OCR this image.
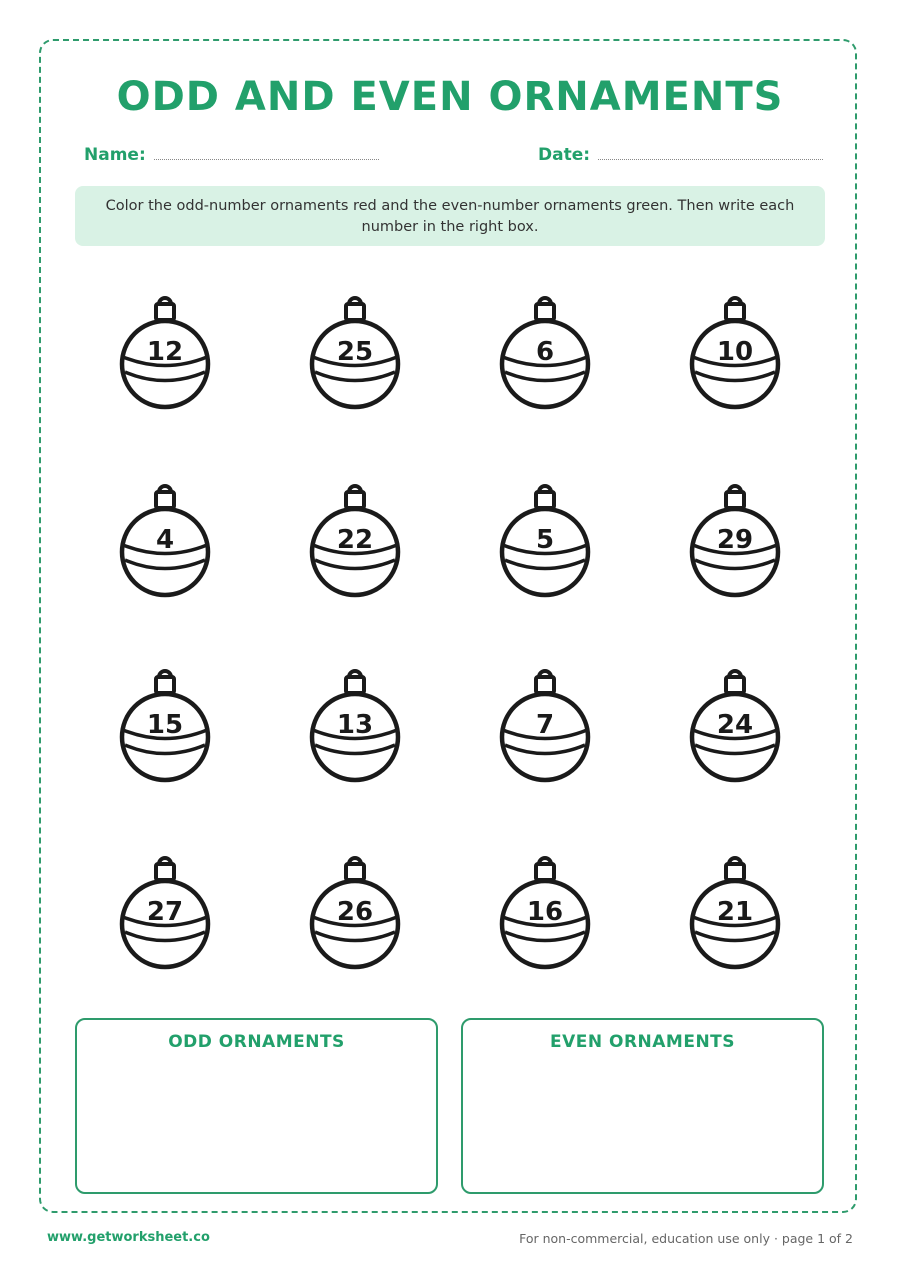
ODD AND EVEN ORNAMENTS
Name:	Date:
Color the odd-number ornaments red and the even-number ornaments green. Then write each number in the right box.
12	25	6	10
4	22	5	29
15	13	7	24
27	26	16	21
ODD ORNAMENTS	EVEN ORNAMENTS
www.getworksheet.co	For non-commercial, education use only · page 1 of 2
